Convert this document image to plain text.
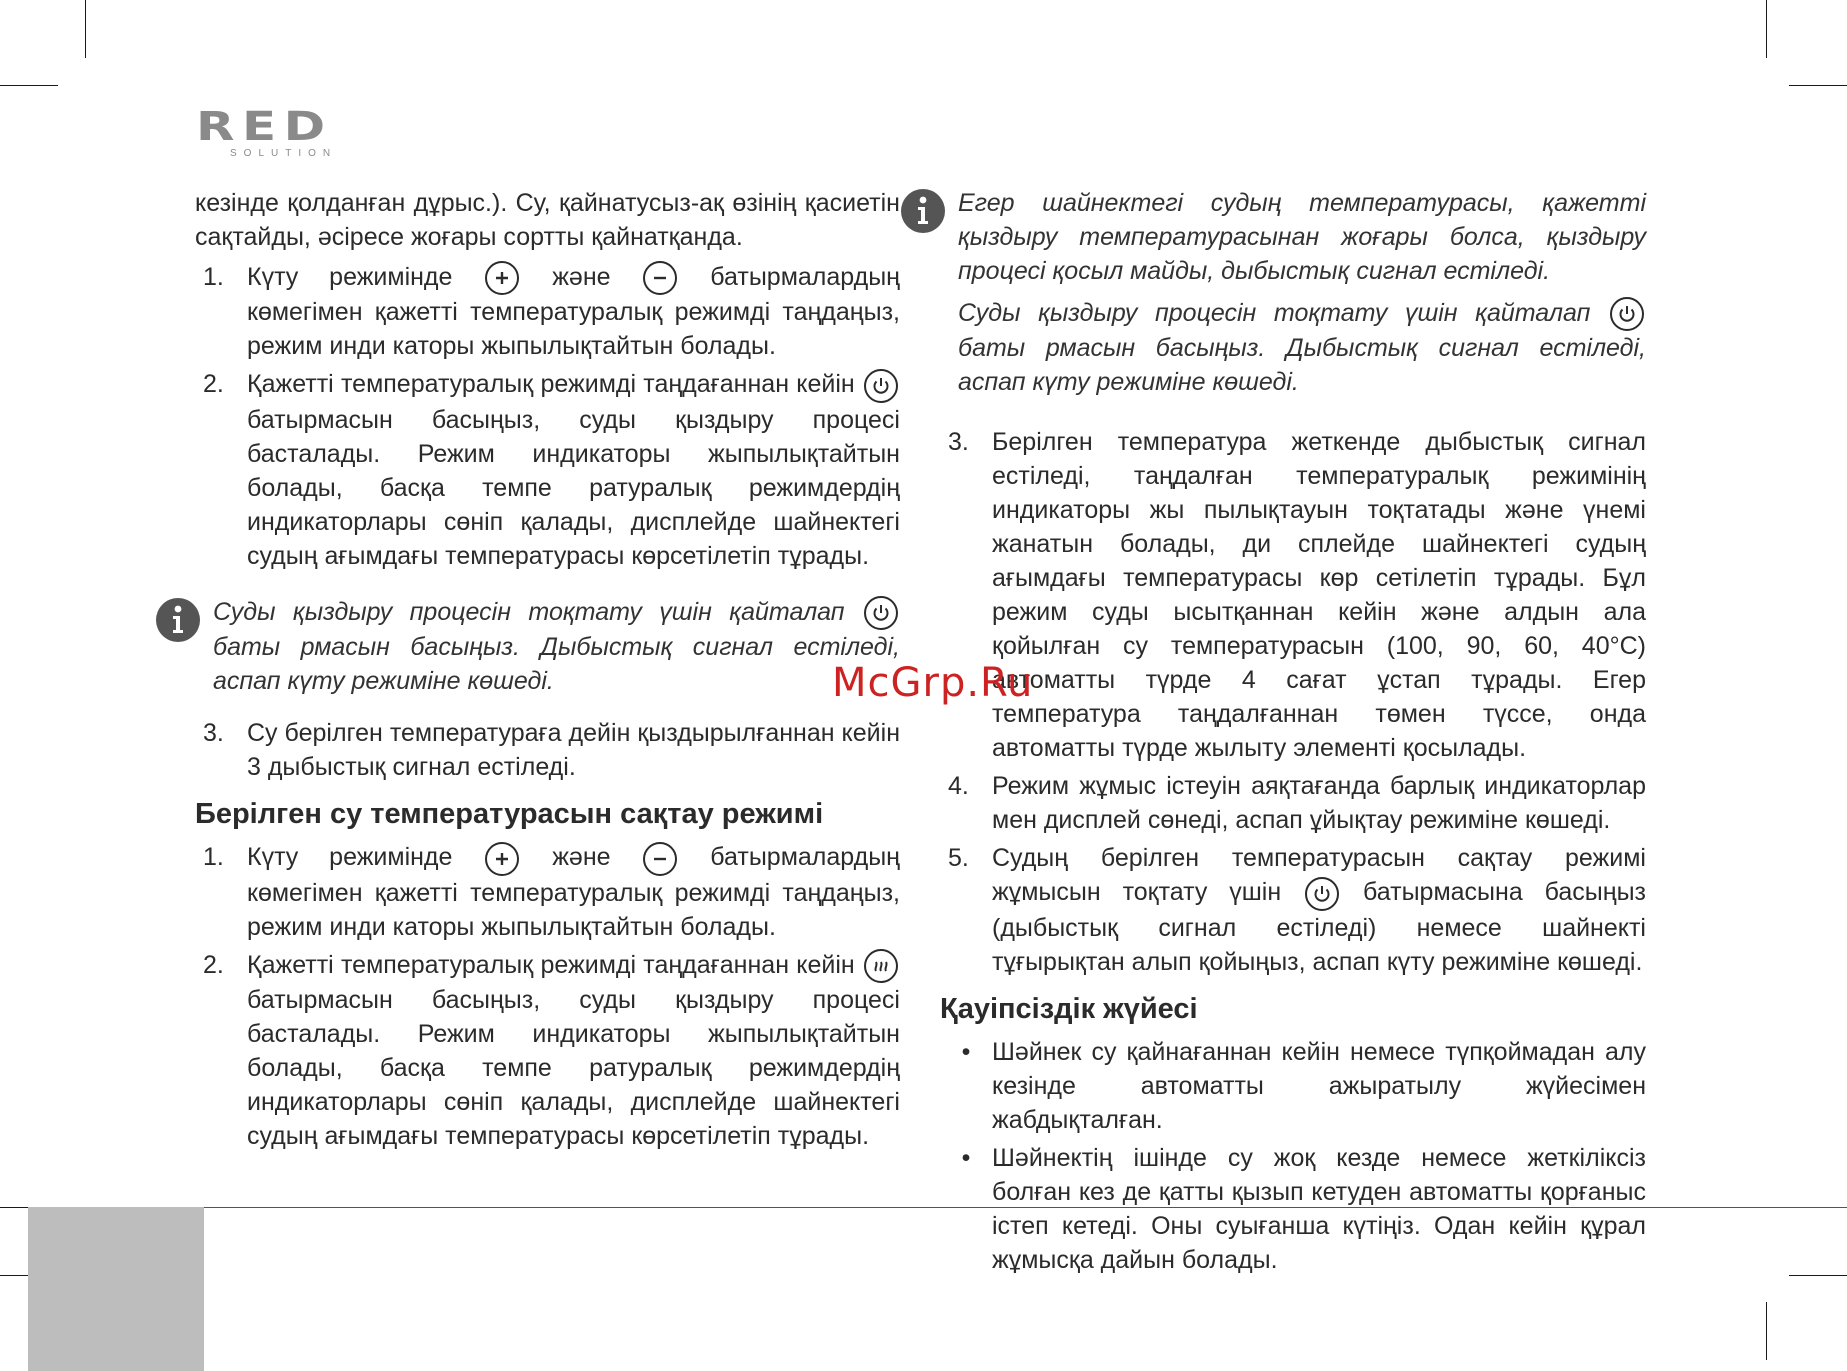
RED
SOLUTION

кезінде қолданған дұрыс.). Су, қайнатусыз-ақ өзінің қасиетін сақтайды, әсіресе жоғары сортты қайнатқанда.

1. Күту режимінде	және	батырмалардың көмегімен қажетті температуралық режимді таңдаңыз, режим инди каторы жыпылықтайтын болады.
2. Қажетті температуралық режимді таңдағаннан кейін
батырмасын басыңыз, суды қыздыру процесі басталады. Режим индикаторы жыпылықтайтын болады, басқа темпе ратуралық режимдердің индикаторлары сөніп қалады, дисплейде шайнектегі судың ағымдағы температурасы көрсетілетіп тұрады.
Суды қыздыру процесін тоқтату үшін қайталап
баты рмасын басыңыз. Дыбыстық сигнал естіледі, аспап күту режиміне көшеді.
3. Су берілген температураға дейін қыздырылғаннан кейін 3 дыбыстық сигнал естіледі.
Берілген су температурасын сақтау режимі
1. Күту режимінде	және	батырмалардың көмегімен қажетті температуралық режимді таңдаңыз, режим инди каторы жыпылықтайтын болады.
2. Қажетті температуралық режимді таңдағаннан кейін
батырмасын басыңыз, суды қыздыру процесі басталады. Режим индикаторы жыпылықтайтын болады, басқа темпе ратуралық режимдердің индикаторлары сөніп қалады, дисплейде шайнектегі судың ағымдағы температурасы көрсетілетіп тұрады.

Егер шайнектегі судың температурасы, қажетті қыздыру температурасынан жоғары болса, қыздыру процесі қосыл майды, дыбыстық сигнал естіледі.

Суды қыздыру процесін тоқтату үшін қайталап
баты рмасын басыңыз. Дыбыстық сигнал естіледі, аспап күту режиміне көшеді.

3. Берілген температура жеткенде дыбыстық сигнал естіледі, таңдалған температуралық режимінің индикаторы жы пылықтауын тоқтатады және үнемі жанатын болады, ди сплейде шайнектегі судың ағымдағы температурасы көр сетілетіп тұрады. Бұл режим суды ысытқаннан кейін және алдын ала қойылған су температурасын (100, 90, 60, 40°C) автоматты түрде 4 сағат ұстап тұрады. Егер температура таңдалғаннан төмен түссе, онда автоматты түрде жылыту элементі қосылады.
4. Режим жұмыс істеуін аяқтағанда барлық индикаторлар мен дисплей сөнеді, аспап ұйықтау режиміне көшеді.
5. Судың берілген температурасын сақтау режимі жұмысын тоқтату үшін	батырмасына басыңыз (дыбыстық сигнал естіледі) немесе шайнекті тұғырықтан алып қойыңыз, аспап күту режиміне көшеді.
Қауіпсіздік жүйесі
• Шәйнек су қайнағаннан кейін немесе түпқоймадан алу кезінде автоматты ажыратылу жүйесімен жабдықталған.
• Шәйнектің ішінде су жоқ кезде немесе жеткіліксіз болған кез де қатты қызып кетуден автоматты қорғаныс істеп кетеді. Оны суығанша күтіңіз. Одан кейін құрал жұмысқа дайын болады.
McGrp.Ru
